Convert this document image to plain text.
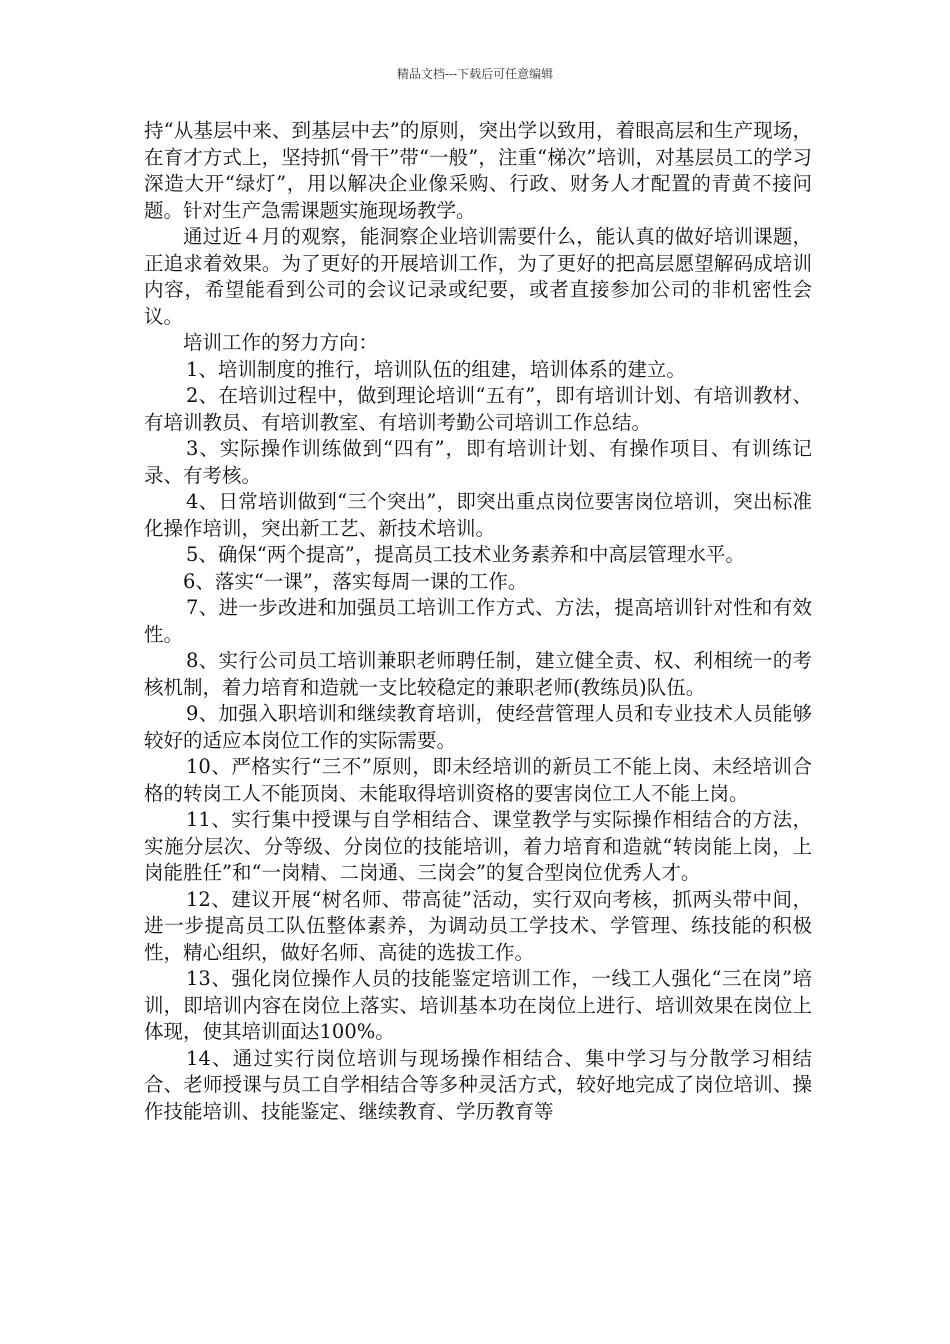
精品文档---下载后可任意编辑

持“从基层中来、到基层中去”的原则，突出学以致用，着眼高层和生产现场，在育才方式上，坚持抓“骨干”带“一般”，注重“梯次”培训，对基层员工的学习深造大开“绿灯”，用以解决企业像采购、行政、财务人才配置的青黄不接问题。针对生产急需课题实施现场教学。

通过近４月的观察，能洞察企业培训需要什么，能认真的做好培训课题，正追求着效果。为了更好的开展培训工作，为了更好的把高层愿望解码成培训内容，希望能看到公司的会议记录或纪要，或者直接参加公司的非机密性会议。

培训工作的努力方向：

1、培训制度的推行，培训队伍的组建，培训体系的建立。

2、在培训过程中，做到理论培训“五有”，即有培训计划、有培训教材、有培训教员、有培训教室、有培训考勤公司培训工作总结。

3、实际操作训练做到“四有”，即有培训计划、有操作项目、有训练记录、有考核。

4、日常培训做到“三个突出”，即突出重点岗位要害岗位培训，突出标准化操作培训，突出新工艺、新技术培训。

5、确保“两个提高”，提高员工技术业务素养和中高层管理水平。

6、落实“一课”，落实每周一课的工作。

7、进一步改进和加强员工培训工作方式、方法，提高培训针对性和有效性。

8、实行公司员工培训兼职老师聘任制，建立健全责、权、利相统一的考核机制，着力培育和造就一支比较稳定的兼职老师(教练员)队伍。

9、加强入职培训和继续教育培训，使经营管理人员和专业技术人员能够较好的适应本岗位工作的实际需要。

10、严格实行“三不”原则，即未经培训的新员工不能上岗、未经培训合格的转岗工人不能顶岗、未能取得培训资格的要害岗位工人不能上岗。

11、实行集中授课与自学相结合、课堂教学与实际操作相结合的方法，实施分层次、分等级、分岗位的技能培训，着力培育和造就“转岗能上岗，上岗能胜任”和“一岗精、二岗通、三岗会”的复合型岗位优秀人才。

12、建议开展“树名师、带高徒”活动，实行双向考核，抓两头带中间，进一步提高员工队伍整体素养，为调动员工学技术、学管理、练技能的积极性，精心组织，做好名师、高徒的选拔工作。

13、强化岗位操作人员的技能鉴定培训工作，一线工人强化“三在岗”培训，即培训内容在岗位上落实、培训基本功在岗位上进行、培训效果在岗位上体现，使其培训面达100%。

14、通过实行岗位培训与现场操作相结合、集中学习与分散学习相结合、老师授课与员工自学相结合等多种灵活方式，较好地完成了岗位培训、操作技能培训、技能鉴定、继续教育、学历教育等
